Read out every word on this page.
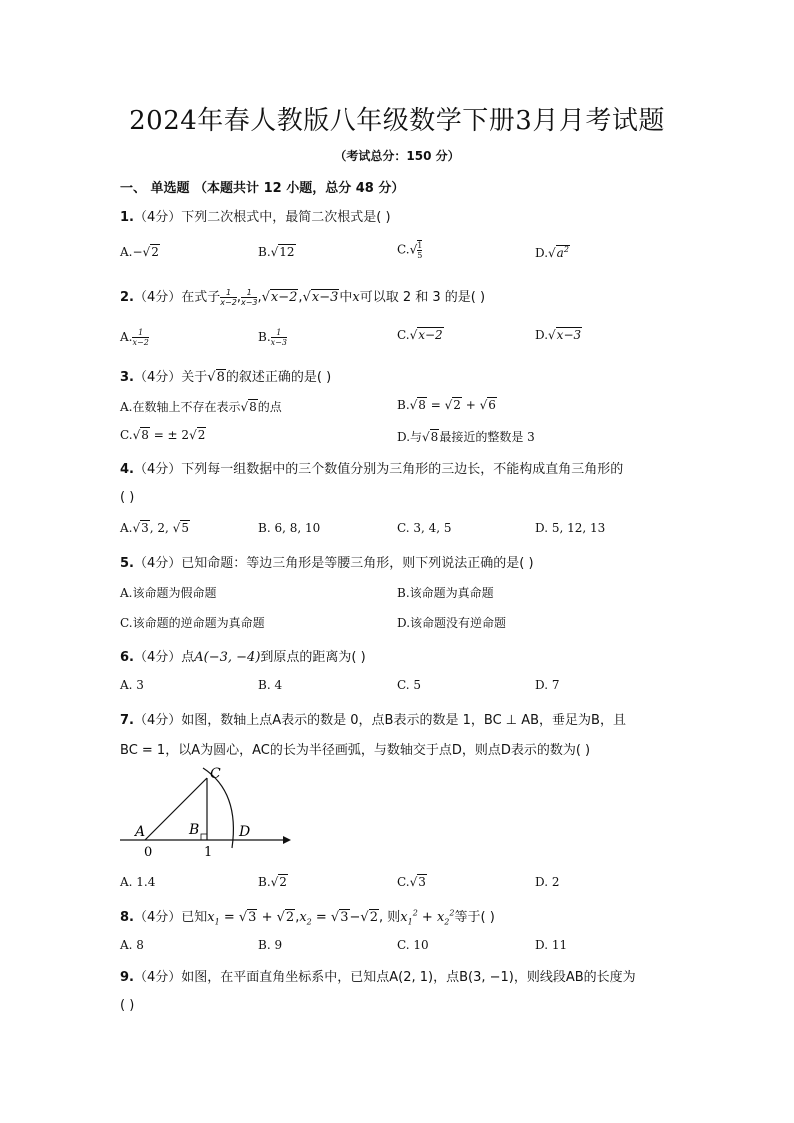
2024年春人教版八年级数学下册3月月考试题
（考试总分：150 分）
一、 单选题 （本题共计 12 小题，总分 48 分）
1.（4分）下列二次根式中，最简二次根式是( )
A.−√2	B.√12	$C.√ \frac{1}{5}$	$D.√a^2$
2.（4分）在式子 $\frac{1}{x-2}$ , $\frac{1}{x-3} ,√x-2,√x-3$中x可以取 2 和 3 的是( )
A. $\frac{1}{x-2}$	B. $\frac{1}{x-3}$	C.√x−2	D.√x−3
3.（4分）关于√8的叙述正确的是( )
A.在数轴上不存在表示√8的点	B.√8 = √2 + √6
C.√8 = ± 2√2	D.与√8最接近的整数是 3
4.（4分）下列每一组数据中的三个数值分别为三角形的三边长，不能构成直角三角形的
( )
A.√3, 2, √5	B. 6, 8, 10	C. 3, 4, 5	D. 5, 12, 13
5.（4分）已知命题：等边三角形是等腰三角形，则下列说法正确的是( )
A.该命题为假命题	B.该命题为真命题
C.该命题的逆命题为真命题	D.该命题没有逆命题
6.（4分）点A(−3, −4)到原点的距离为( )
A. 3	B. 4	C. 5	D. 7
7.（4分）如图，数轴上点A表示的数是 0，点B表示的数是 1，BC ⊥ AB，垂足为B，且
BC = 1，以A为圆心，AC的长为半径画弧，与数轴交于点D，则点D表示的数为( )
A	B
C
D
0	1
A. 1.4	B.√2	C.√3	D. 2
8.（4分）已知$x_1 = √3 + √2,x_2 = √3-√2$, 则$x_1^2 + x_2^2$等于( )
A. 8	B. 9	C. 10	D. 11
9.（4分）如图，在平面直角坐标系中，已知点A(2, 1)，点B(3, −1)，则线段AB的长度为
( )
